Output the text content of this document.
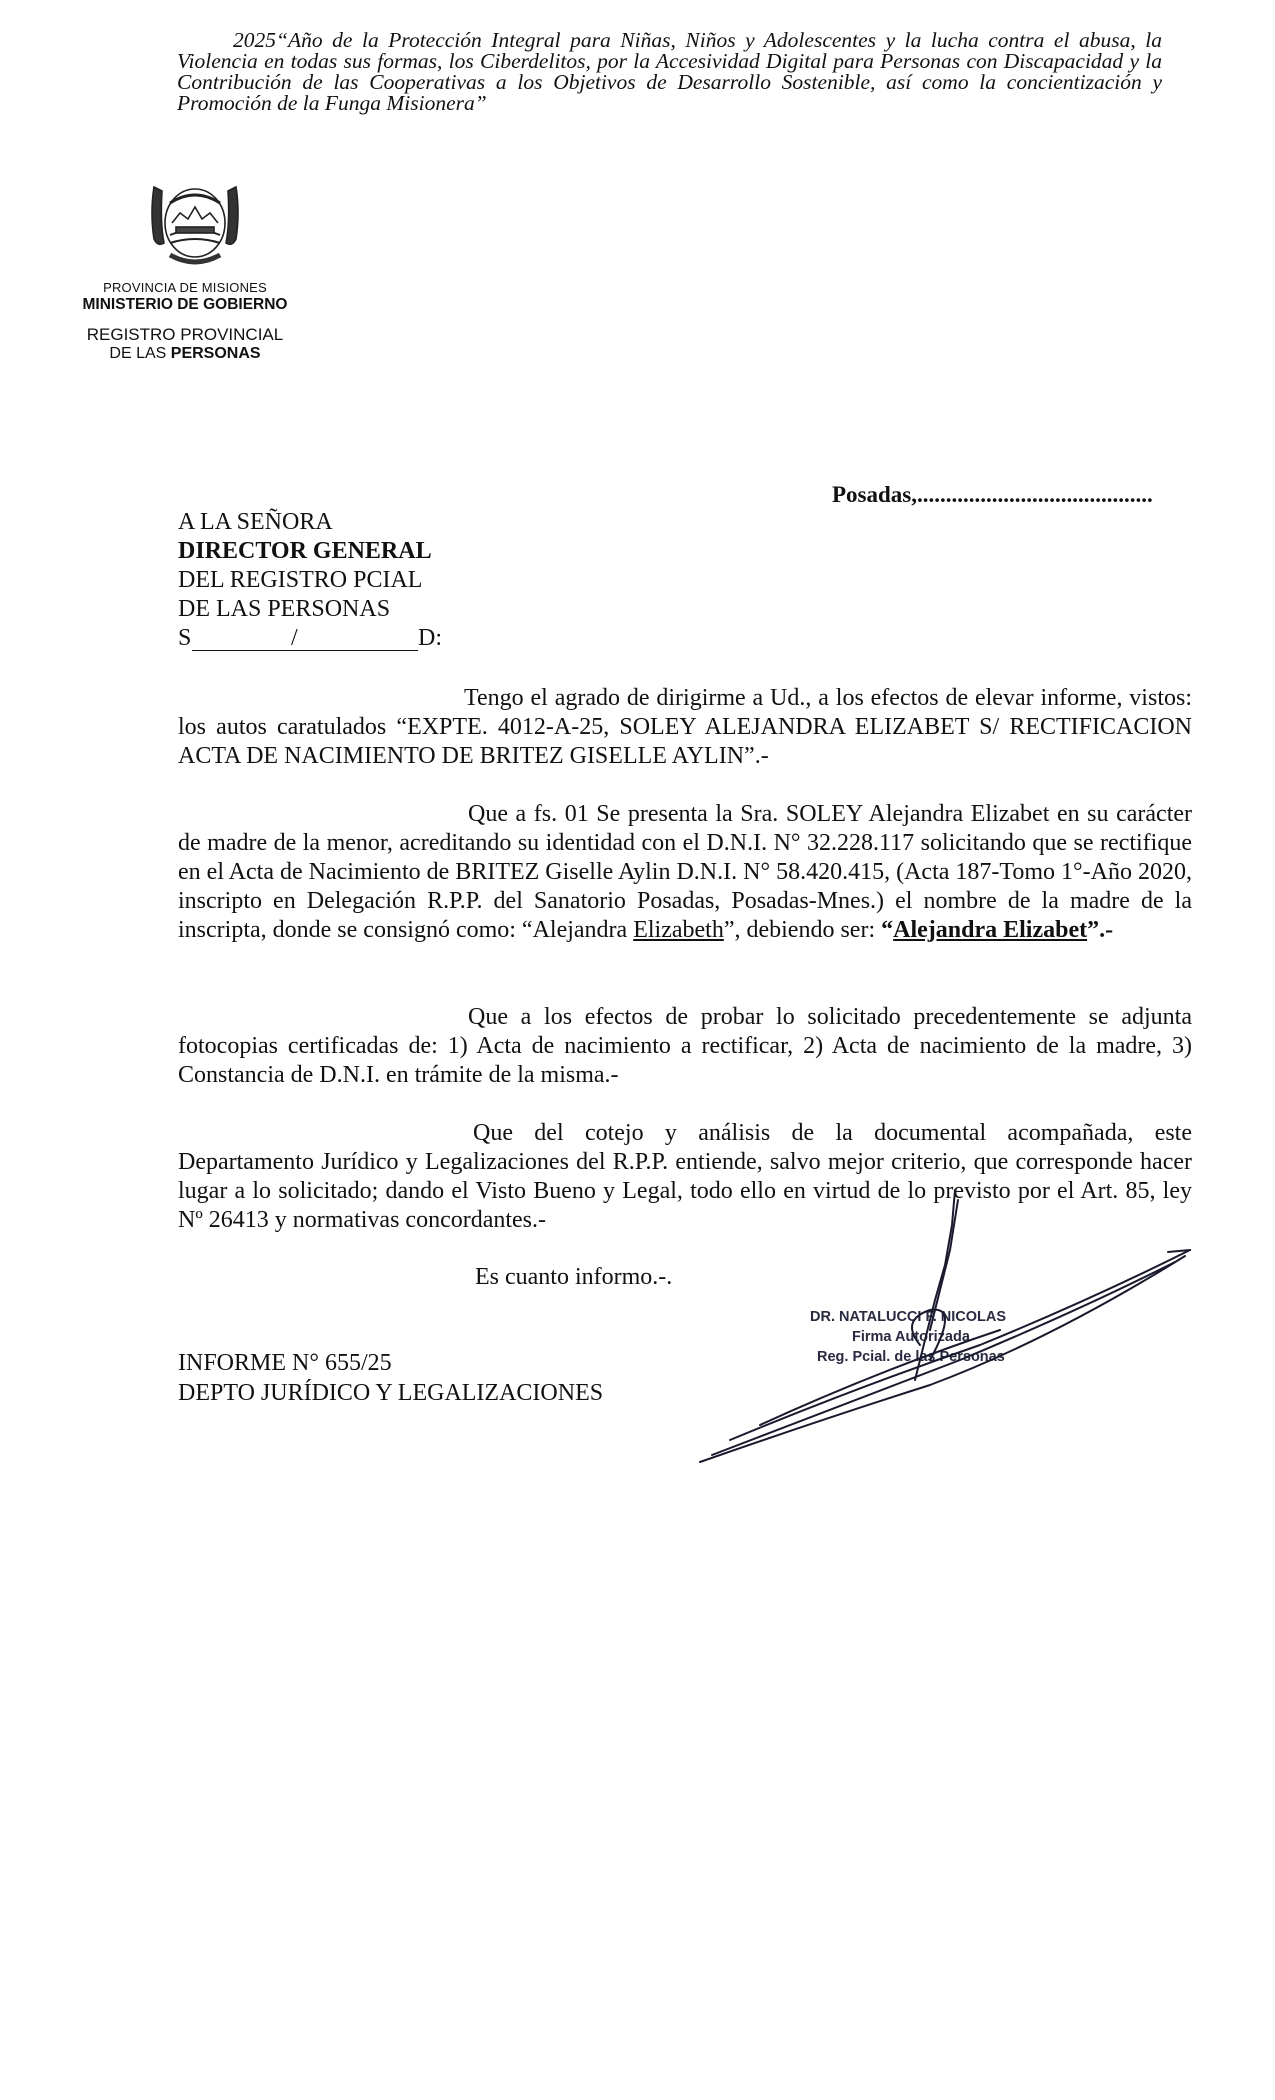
2025“Año de la Protección Integral para Niñas, Niños y Adolescentes y la lucha contra el abusa, la Violencia en todas sus formas, los Ciberdelitos, por la Accesividad Digital para Personas con Discapacidad y la Contribución de las Cooperativas a los Objetivos de Desarrollo Sostenible, así como la concientización y Promoción de la Funga Misionera”
PROVINCIA DE MISIONES
MINISTERIO DE GOBIERNO
REGISTRO PROVINCIAL
DE LAS PERSONAS
Posadas,.........................................
A LA SEÑORA
DIRECTOR GENERAL
DEL REGISTRO PCIAL
DE LAS PERSONAS
S	/	D:
Tengo el agrado de dirigirme a Ud., a los efectos de elevar informe, vistos: los autos caratulados “EXPTE. 4012-A-25, SOLEY ALEJANDRA ELIZABET S/ RECTIFICACION ACTA DE NACIMIENTO DE BRITEZ GISELLE AYLIN”.-
Que a fs. 01 Se presenta la Sra. SOLEY Alejandra Elizabet en su carácter de madre de la menor, acreditando su identidad con el D.N.I. N° 32.228.117 solicitando que se rectifique en el Acta de Nacimiento de BRITEZ Giselle Aylin D.N.I. N° 58.420.415, (Acta 187-Tomo 1°-Año 2020, inscripto en Delegación R.P.P. del Sanatorio Posadas, Posadas-Mnes.) el nombre de la madre de la inscripta, donde se consignó como: “Alejandra Elizabeth”, debiendo ser: “Alejandra Elizabet”.-
Que a los efectos de probar lo solicitado precedentemente se adjunta fotocopias certificadas de: 1) Acta de nacimiento a rectificar, 2) Acta de nacimiento de la madre, 3) Constancia de D.N.I. en trámite de la misma.-
Que del cotejo y análisis de la documental acompañada, este Departamento Jurídico y Legalizaciones del R.P.P. entiende, salvo mejor criterio, que corresponde hacer lugar a lo solicitado; dando el Visto Bueno y Legal, todo ello en virtud de lo previsto por el Art. 85, ley Nº 26413 y normativas concordantes.-
Es cuanto informo.-.
INFORME N° 655/25
DEPTO JURÍDICO Y LEGALIZACIONES
DR. NATALUCCI F. NICOLAS
Firma Autorizada
Reg. Pcial. de las Personas
